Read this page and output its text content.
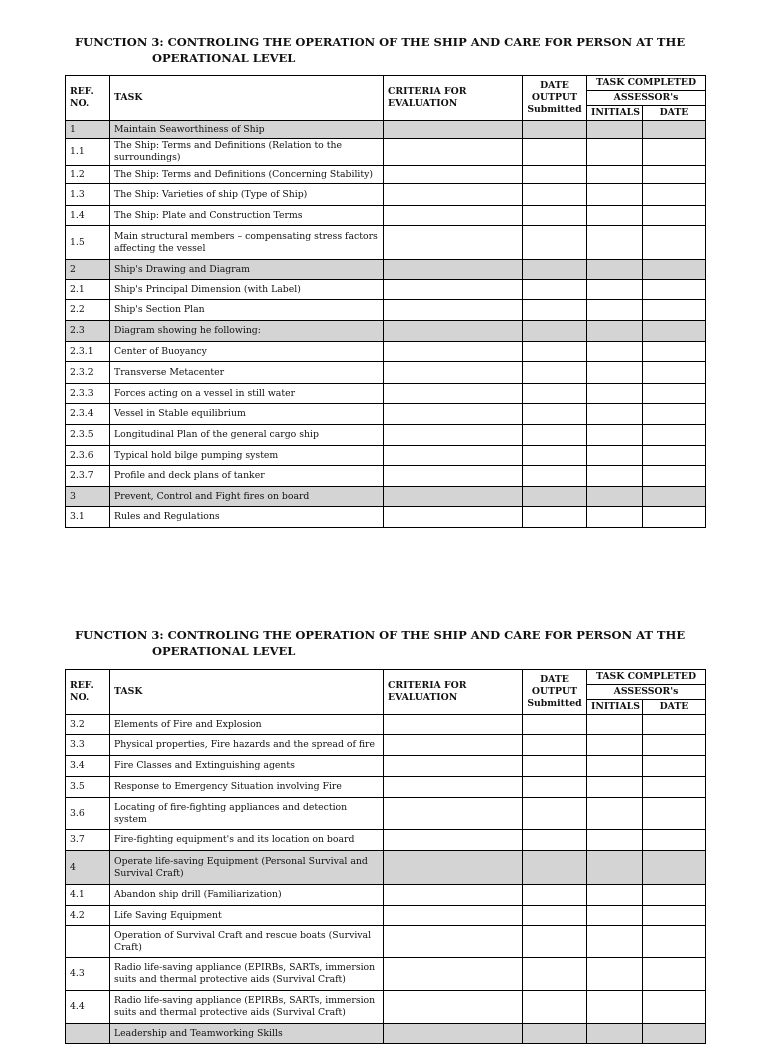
FUNCTION 3: CONTROLING THE OPERATION OF THE SHIP AND CARE FOR PERSON AT THE
OPERATIONAL LEVEL
REF. NO.	TASK	CRITERIA FOR EVALUATION	DATE OUTPUT Submitted	TASK COMPLETED	
				ASSESSOR's	
				INITIALS	DATE
1	Maintain Seaworthiness of Ship				
1.1	The Ship: Terms and Definitions (Relation to the surroundings)				
1.2	The Ship: Terms and Definitions (Concerning Stability)				
1.3	The Ship: Varieties of ship (Type of Ship)				
1.4	The Ship: Plate and Construction Terms				
1.5	Main structural members – compensating stress factors affecting the vessel				
2	Ship's Drawing and Diagram				
2.1	Ship's Principal Dimension (with Label)				
2.2	Ship's Section Plan				
2.3	Diagram showing he following:				
2.3.1	Center of Buoyancy				
2.3.2	Transverse Metacenter				
2.3.3	Forces acting on a vessel in still water				
2.3.4	Vessel in Stable equilibrium				
2.3.5	Longitudinal Plan of the general cargo ship				
2.3.6	Typical hold bilge pumping system				
2.3.7	Profile and deck plans of tanker				
3	Prevent, Control and Fight fires on board				
3.1	Rules and Regulations				
FUNCTION 3: CONTROLING THE OPERATION OF THE SHIP AND CARE FOR PERSON AT THE
OPERATIONAL LEVEL
REF. NO.	TASK	CRITERIA FOR EVALUATION	DATE OUTPUT Submitted	TASK COMPLETED	
				ASSESSOR's	
				INITIALS	DATE
3.2	Elements of Fire and Explosion				
3.3	Physical properties, Fire hazards and the spread of fire				
3.4	Fire Classes and Extinguishing agents				
3.5	Response to Emergency Situation involving Fire				
3.6	Locating of fire-fighting appliances and detection system				
3.7	Fire-fighting equipment's and its location on board				
4	Operate life-saving Equipment (Personal Survival and Survival Craft)				
4.1	Abandon ship drill (Familiarization)				
4.2	Life Saving Equipment				
	Operation of Survival Craft and rescue boats (Survival Craft)				
4.3	Radio life-saving appliance (EPIRBs, SARTs, immersion suits and thermal protective aids (Survival Craft)				
4.4	Radio life-saving appliance (EPIRBs, SARTs, immersion suits and thermal protective aids (Survival Craft)				
	Leadership and Teamworking Skills				
